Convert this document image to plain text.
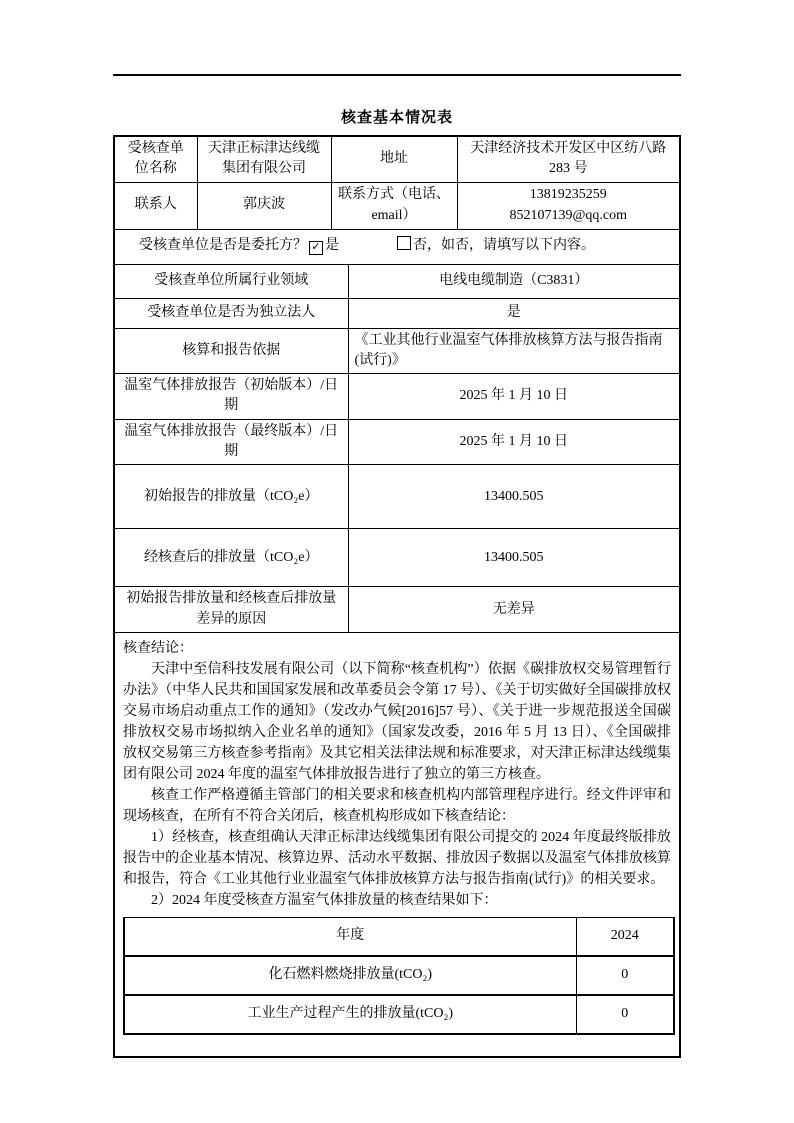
核查基本情况表
受核查单位名称	天津正标津达线缆集团有限公司	地址	天津经济技术开发区中区纺八路 283 号
联系人	郭庆波	联系方式（电话、email）	13819235259
852107139@qq.com

受核查单位是否是委托方？ ✓ 是 否，如否，请填写以下内容。			
受核查单位所属行业领域	电线电缆制造（C3831）
受核查单位是否为独立法人	是
核算和报告依据	《工业其他行业温室气体排放核算方法与报告指南(试行)》
温室气体排放报告（初始版本）/日期	2025 年 1 月 10 日
温室气体排放报告（最终版本）/日期	2025 年 1 月 10 日
初始报告的排放量（tCO₂e）	13400.505
经核查后的排放量（tCO₂e）	13400.505
初始报告排放量和经核查后排放量差异的原因	无差异

核查结论：

天津中至信科技发展有限公司（以下简称“核查机构”）依据《碳排放权交易管理暂行办法》（中华人民共和国国家发展和改革委员会令第 17 号）、《关于切实做好全国碳排放权交易市场启动重点工作的通知》（发改办气候[2016]57 号）、《关于进一步规范报送全国碳排放权交易市场拟纳入企业名单的通知》（国家发改委，2016 年 5 月 13 日）、《全国碳排放权交易第三方核查参考指南》及其它相关法律法规和标准要求，对天津正标津达线缆集团有限公司 2024 年度的温室气体排放报告进行了独立的第三方核查。

核查工作严格遵循主管部门的相关要求和核查机构内部管理程序进行。经文件评审和现场核查，在所有不符合关闭后，核查机构形成如下核查结论：

1）经核查，核查组确认天津正标津达线缆集团有限公司提交的 2024 年度最终版排放报告中的企业基本情况、核算边界、活动水平数据、排放因子数据以及温室气体排放核算和报告，符合《工业其他行业业温室气体排放核算方法与报告指南(试行)》的相关要求。

2）2024 年度受核查方温室气体排放量的核查结果如下：

年度	2024
化石燃料燃烧排放量(tCO₂)	0
工业生产过程产生的排放量(tCO₂)	0
